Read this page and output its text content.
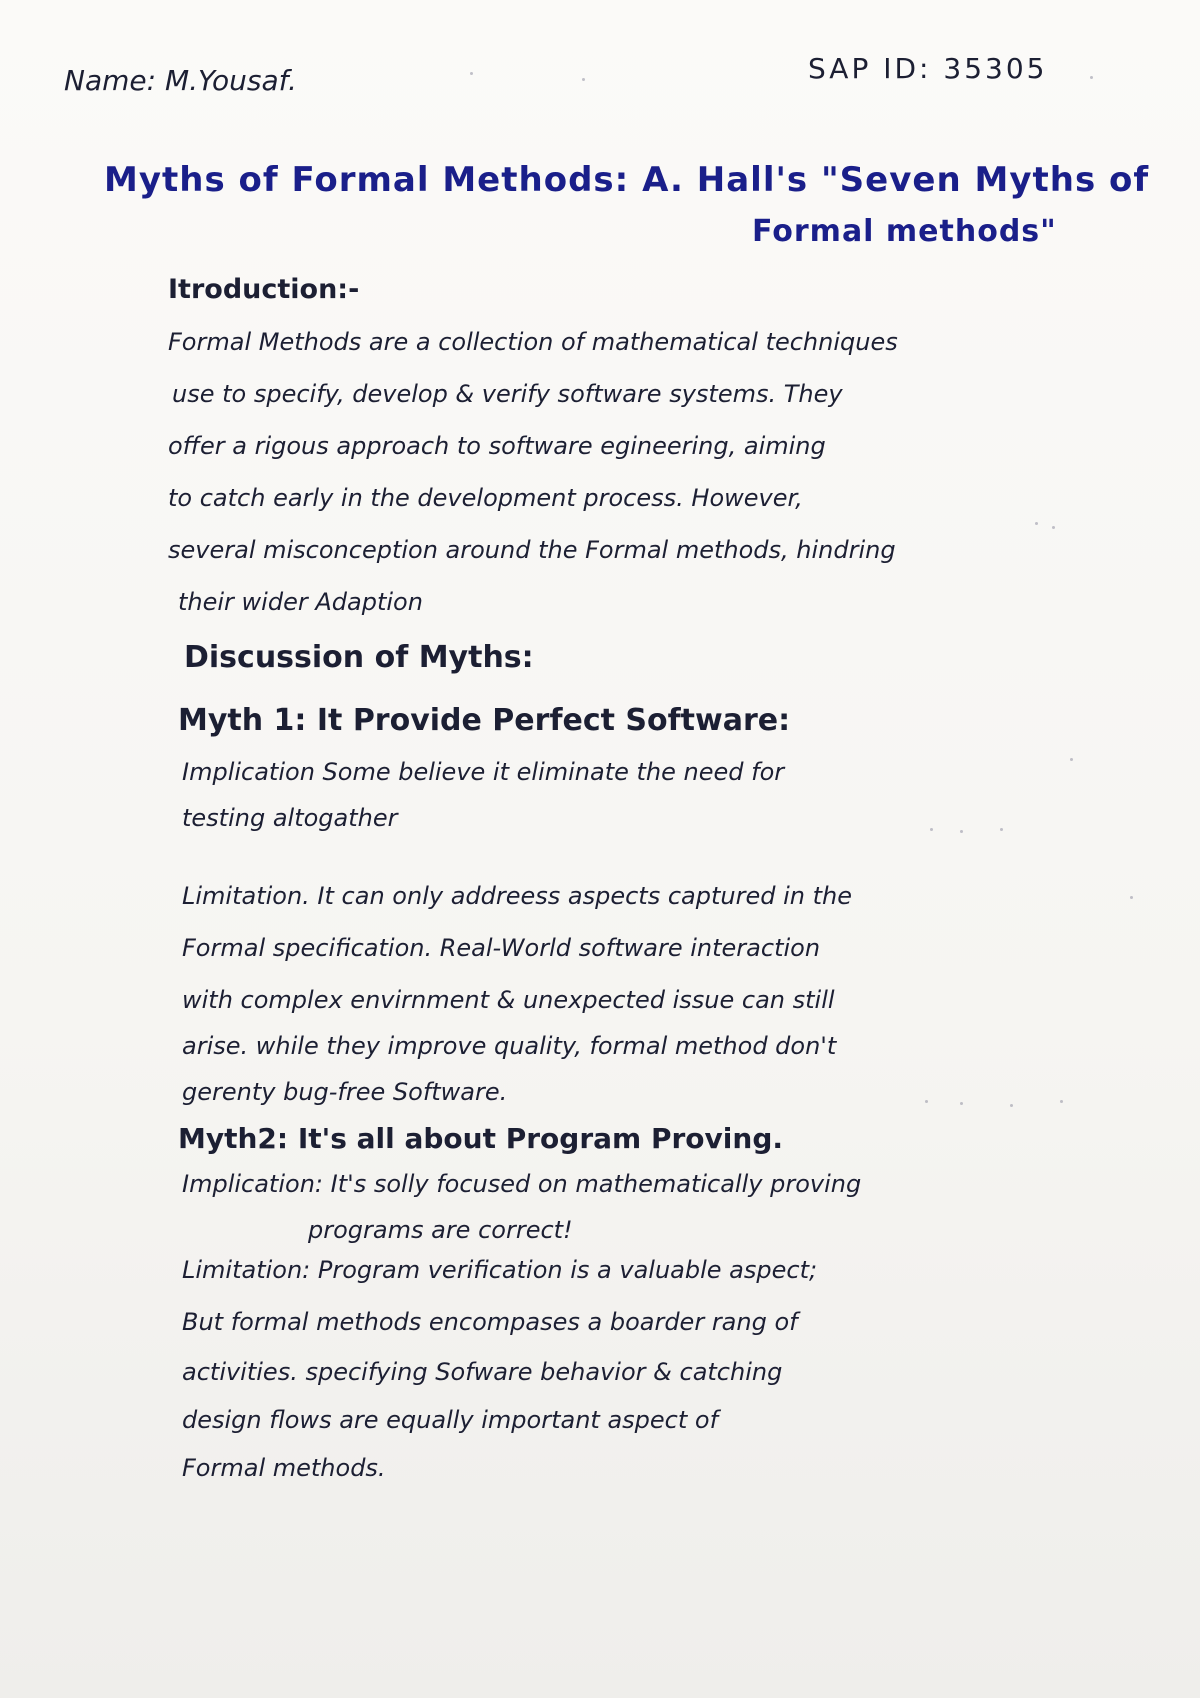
Name: M.Yousaf.	SAP ID: 35305
Myths of Formal Methods: A. Hall's "Seven Myths of
Formal methods"
Itroduction:-
Formal Methods are a collection of mathematical techniques
use to specify, develop & verify software systems. They
offer a rigous approach to software egineering, aiming
to catch early in the development process. However,
several misconception around the Formal methods, hindring
their wider Adaption
Discussion of Myths:
Myth 1: It Provide Perfect Software:
Implication Some believe it eliminate the need for
testing altogather
Limitation. It can only addreess aspects captured in the
Formal specification. Real-World software interaction
with complex envirnment & unexpected issue can still
arise. while they improve quality, formal method don't
gerenty bug-free Software.
Myth2: It's all about Program Proving.
Implication: It's solly focused on mathematically proving
programs are correct!
Limitation: Program verification is a valuable aspect;
But formal methods encompases a boarder rang of
activities. specifying Sofware behavior & catching
design flows are equally important aspect of
Formal methods.
